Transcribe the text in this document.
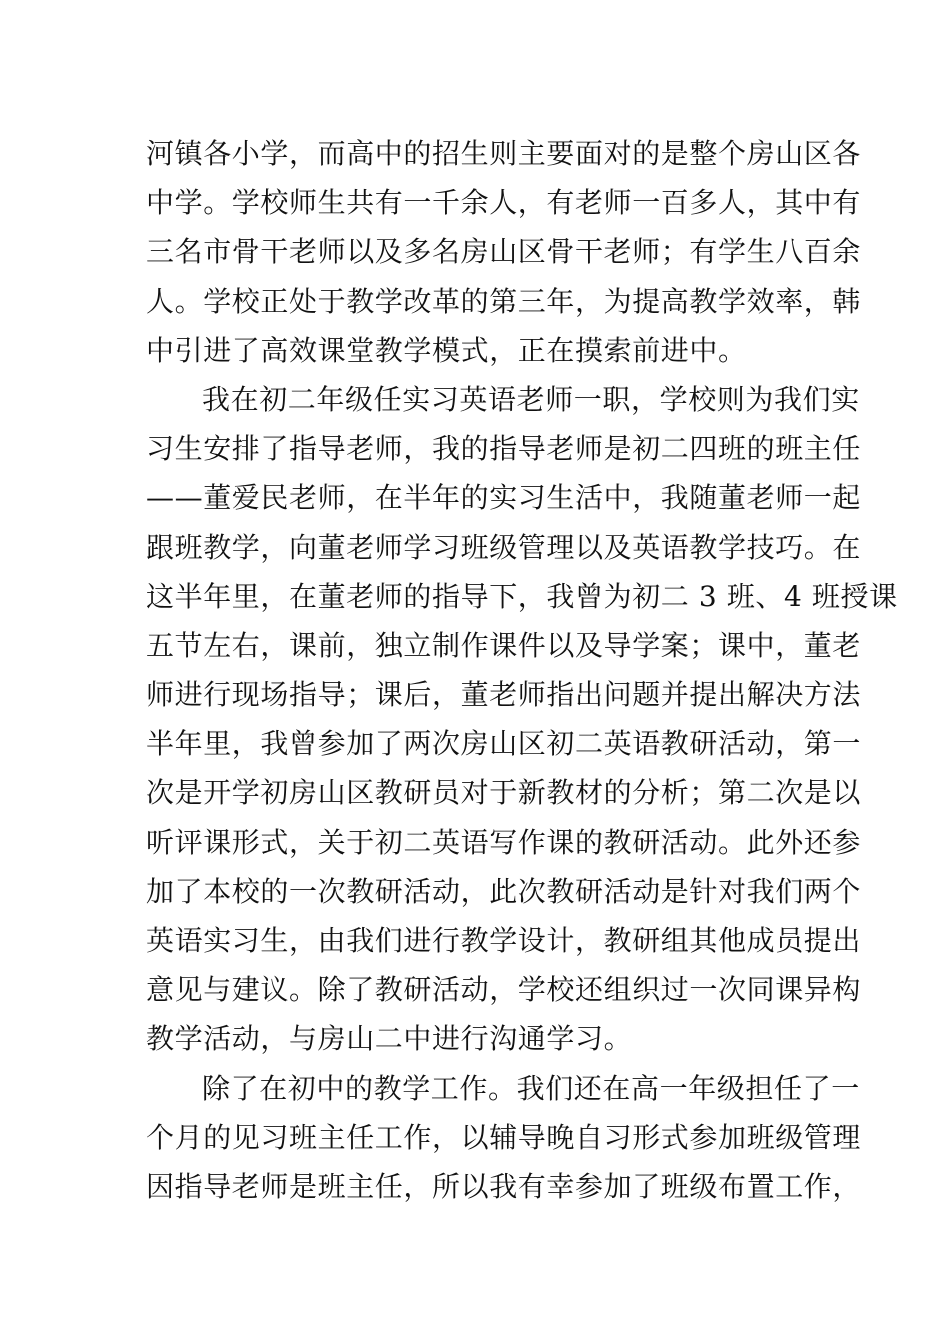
河镇各小学，而高中的招生则主要面对的是整个房山区各
中学。学校师生共有一千余人，有老师一百多人，其中有
三名市骨干老师以及多名房山区骨干老师；有学生八百余
人。学校正处于教学改革的第三年，为提高教学效率，韩
中引进了高效课堂教学模式，正在摸索前进中。
我在初二年级任实习英语老师一职，学校则为我们实
习生安排了指导老师，我的指导老师是初二四班的班主任
——董爱民老师，在半年的实习生活中，我随董老师一起
跟班教学，向董老师学习班级管理以及英语教学技巧。在
这半年里，在董老师的指导下，我曾为初二 3 班、4 班授课
五节左右，课前，独立制作课件以及导学案；课中，董老
师进行现场指导；课后，董老师指出问题并提出解决方法
半年里，我曾参加了两次房山区初二英语教研活动，第一
次是开学初房山区教研员对于新教材的分析；第二次是以
听评课形式，关于初二英语写作课的教研活动。此外还参
加了本校的一次教研活动，此次教研活动是针对我们两个
英语实习生，由我们进行教学设计，教研组其他成员提出
意见与建议。除了教研活动，学校还组织过一次同课异构
教学活动，与房山二中进行沟通学习。
除了在初中的教学工作。我们还在高一年级担任了一
个月的见习班主任工作，以辅导晚自习形式参加班级管理
因指导老师是班主任，所以我有幸参加了班级布置工作，
